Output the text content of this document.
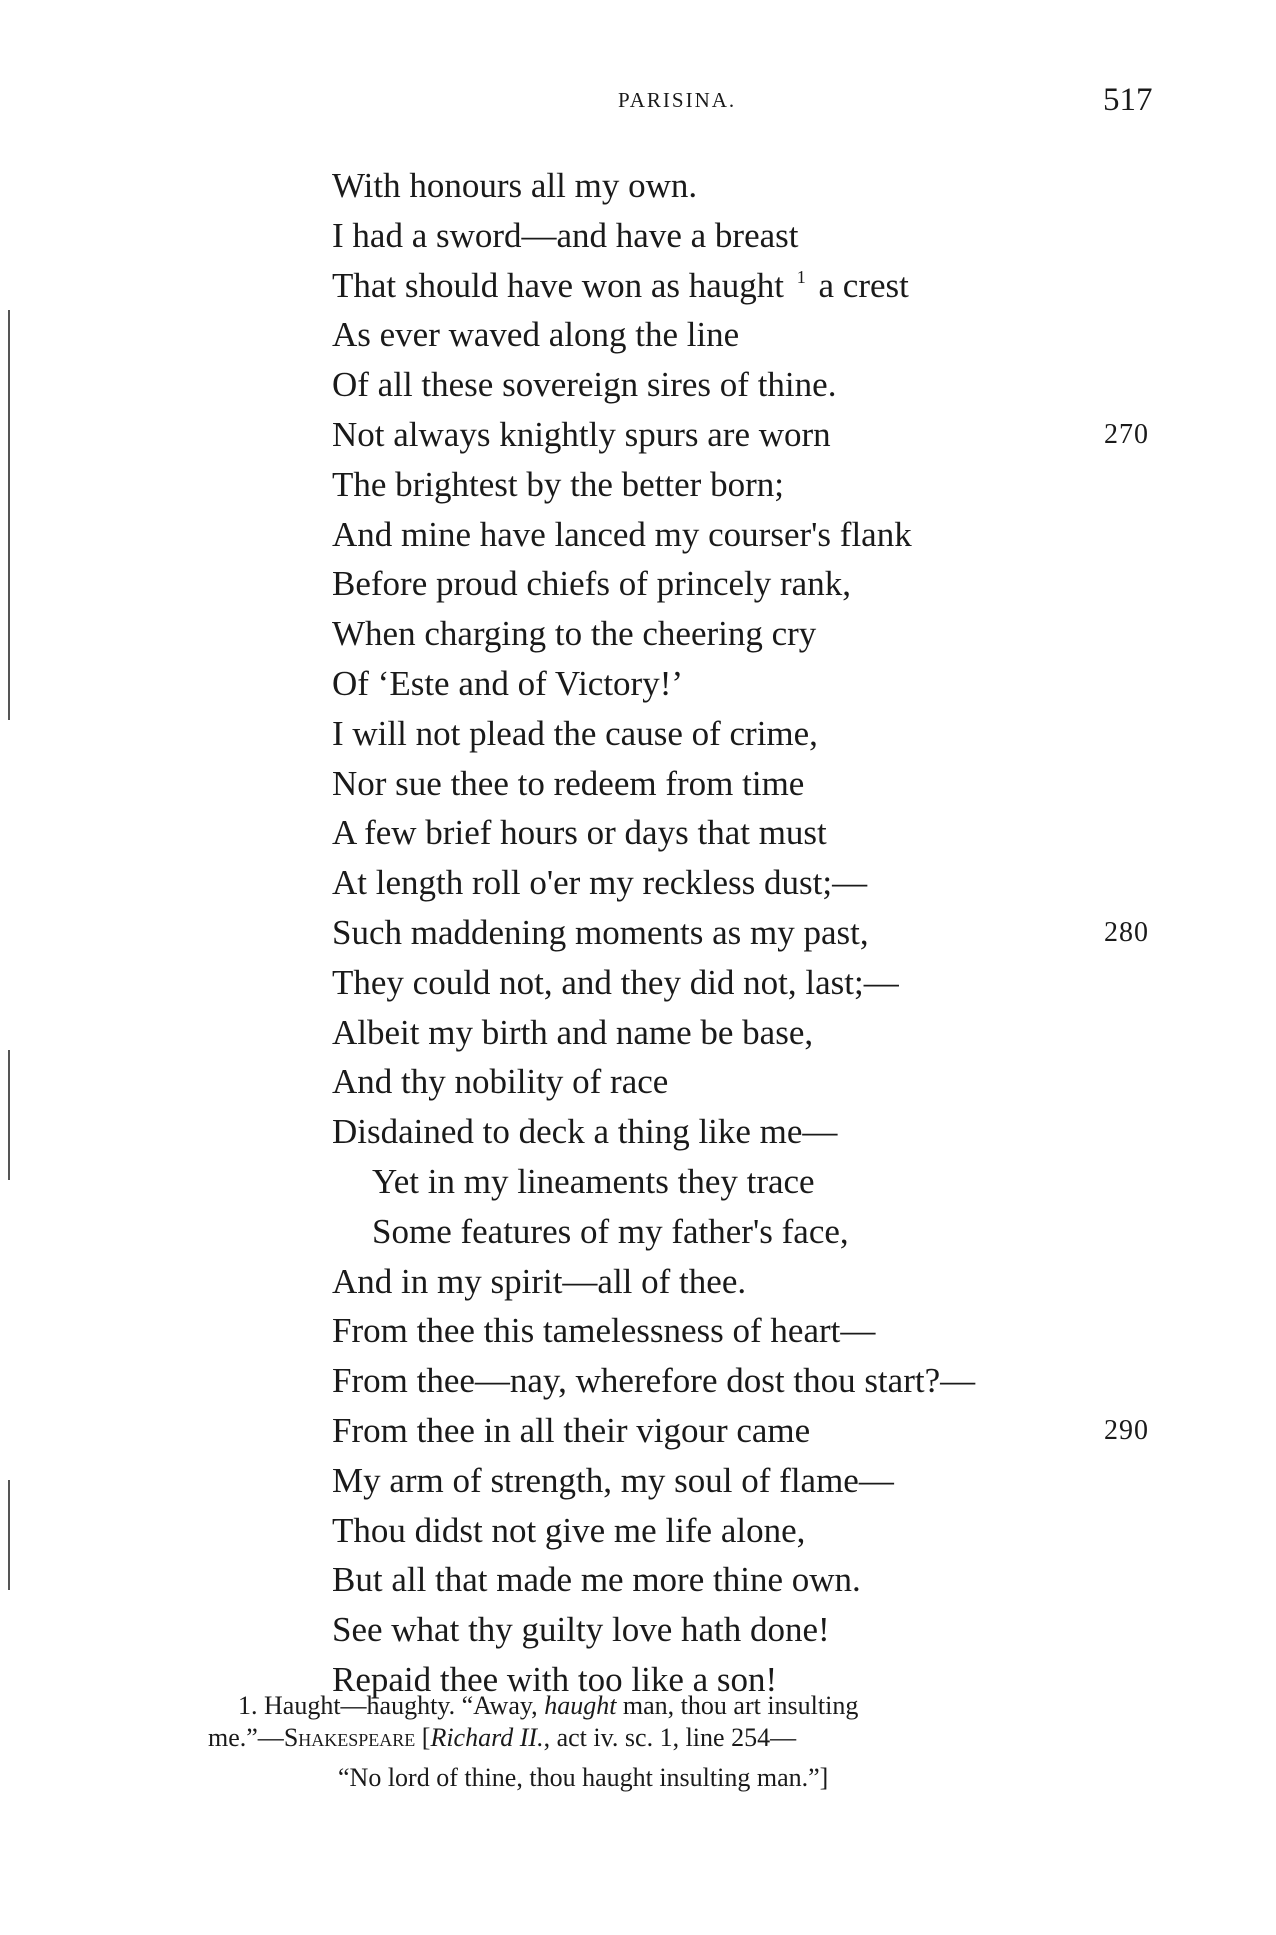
PARISINA.	517
With honours all my own.
I had a sword—and have a breast
That should have won as haught $^1$ a crest
As ever waved along the line
Of all these sovereign sires of thine.
Not always knightly spurs are worn	270
The brightest by the better born;
And mine have lanced my courser's flank
Before proud chiefs of princely rank,
When charging to the cheering cry
Of ‘Este and of Victory!’
I will not plead the cause of crime,
Nor sue thee to redeem from time
A few brief hours or days that must
At length roll o'er my reckless dust;—
Such maddening moments as my past,	280
They could not, and they did not, last;—
Albeit my birth and name be base,
And thy nobility of race
Disdained to deck a thing like me—
Yet in my lineaments they trace
Some features of my father's face,
And in my spirit—all of thee.
From thee this tamelessness of heart—
From thee—nay, wherefore dost thou start?—
From thee in all their vigour came	290
My arm of strength, my soul of flame—
Thou didst not give me life alone,
But all that made me more thine own.
See what thy guilty love hath done!
Repaid thee with too like a son!
1. Haught—haughty. “Away, haught man, thou art insulting
me.”—Shakespeare [Richard II., act iv. sc. 1, line 254—
“No lord of thine, thou haught insulting man.”]
